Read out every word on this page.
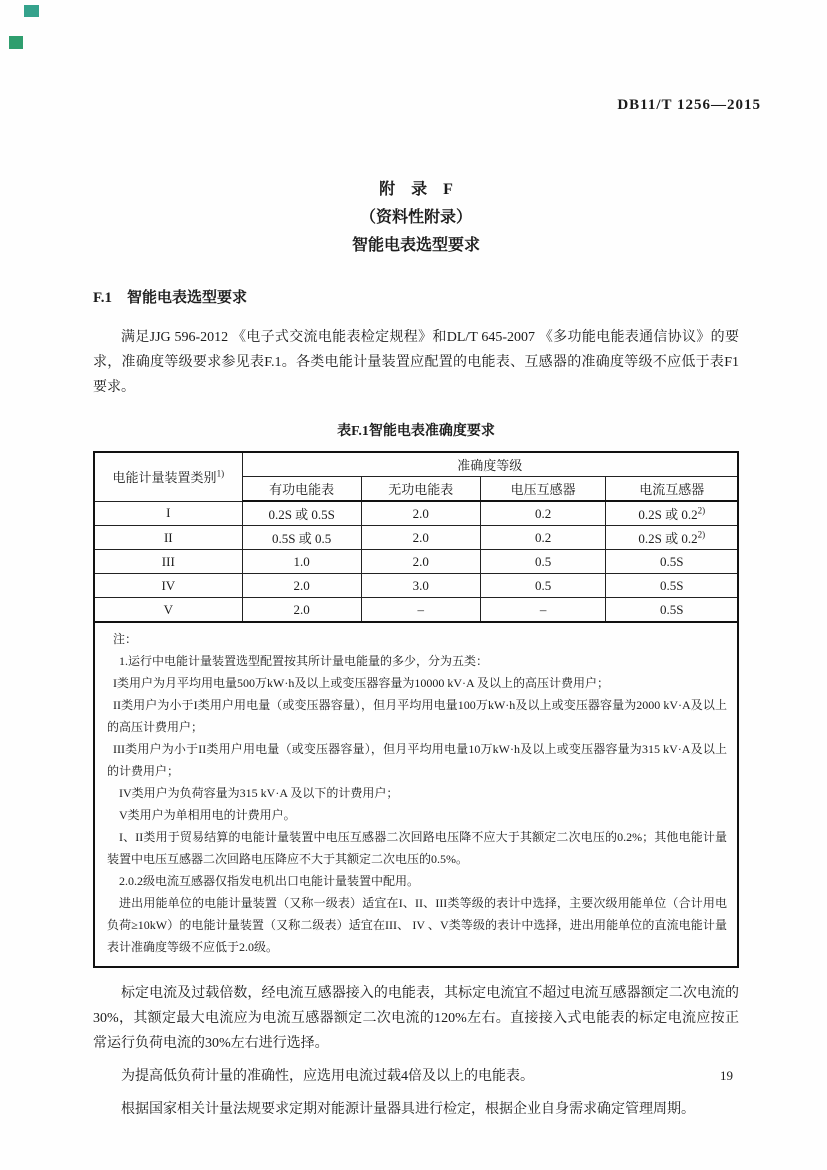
DB11/T 1256—2015
附　录　F
（资料性附录）
智能电表选型要求
F.1　智能电表选型要求

满足JJG 596-2012 《电子式交流电能表检定规程》和DL/T 645-2007 《多功能电能表通信协议》的要求，准确度等级要求参见表F.1。各类电能计量装置应配置的电能表、互感器的准确度等级不应低于表F1要求。

表F.1智能电表准确度要求
电能计量装置类别$^{1)}$	准确度等级			
	有功电能表	无功电能表	电压互感器	电流互感器
I	0.2S 或 0.5S	2.0	0.2	0.2S 或 0.2$^{2)}$
II	0.5S 或 0.5	2.0	0.2	0.2S 或 0.2$^{2)}$
III	1.0	2.0	0.5	0.5S
IV	2.0	3.0	0.5	0.5S
V	2.0	–	–	0.5S

注：
1.运行中电能计量装置选型配置按其所计量电能量的多少，分为五类：
I类用户为月平均用电量500万kW·h及以上或变压器容量为10000 kV·A 及以上的高压计费用户；
II类用户为小于I类用户用电量（或变压器容量），但月平均用电量100万kW·h及以上或变压器容量为2000 kV·A及以上的高压计费用户；
III类用户为小于II类用户用电量（或变压器容量），但月平均用电量10万kW·h及以上或变压器容量为315 kV·A及以上的计费用户；
IV类用户为负荷容量为315 kV·A 及以下的计费用户；
V类用户为单相用电的计费用户。
I、II类用于贸易结算的电能计量装置中电压互感器二次回路电压降不应大于其额定二次电压的0.2%；其他电能计量装置中电压互感器二次回路电压降应不大于其额定二次电压的0.5%。
2.0.2级电流互感器仅指发电机出口电能计量装置中配用。
进出用能单位的电能计量装置（又称一级表）适宜在I、II、III类等级的表计中选择，主要次级用能单位（合计用电负荷≥10kW）的电能计量装置（又称二级表）适宜在III、 IV 、V类等级的表计中选择，进出用能单位的直流电能计量表计准确度等级不应低于2.0级。

标定电流及过载倍数，经电流互感器接入的电能表，其标定电流宜不超过电流互感器额定二次电流的30%，其额定最大电流应为电流互感器额定二次电流的120%左右。直接接入式电能表的标定电流应按正常运行负荷电流的30%左右进行选择。

为提高低负荷计量的准确性，应选用电流过载4倍及以上的电能表。

根据国家相关计量法规要求定期对能源计量器具进行检定，根据企业自身需求确定管理周期。

19
